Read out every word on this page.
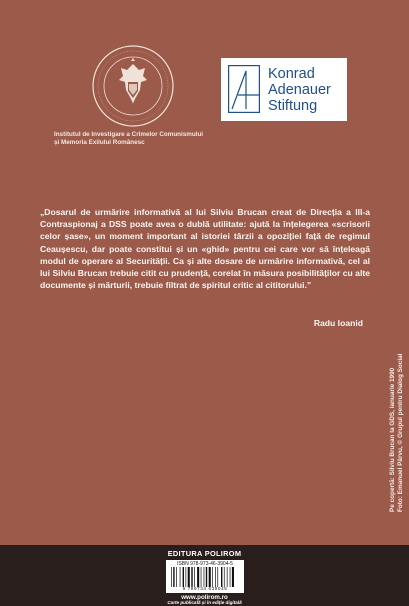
Institutul de Investigare a Crimelor Comunismului
și Memoria Exilului Românesc
Konrad
Adenauer
Stiftung
„Dosarul de urmărire informativă al lui Silviu Brucan creat de Direcția a III-a Contraspionaj a DSS poate avea o dublă utilitate: ajută la înțelegerea «scrisorii celor șase», un moment important al istoriei târzii a opoziției față de regimul Ceaușescu, dar poate constitui și un «ghid» pentru cei care vor să înțeleagă modul de operare al Securității. Ca și alte dosare de urmărire informativă, cel al lui Silviu Brucan trebuie citit cu prudență, corelat în măsura posibilităților cu alte documente și mărturii, trebuie filtrat de spiritul critic al cititorului.”
Radu Ioanid
Pe copertă: Silviu Brucan la GDS, ianuarie 1990 Foto: Emanuel Pârvu, © Grupul pentru Dialog Social
EDITURA POLIROM
ISBN 978-973-46-3904-5
9 789734 639045
www.polirom.ro
Carte publicată și în ediție digitală
